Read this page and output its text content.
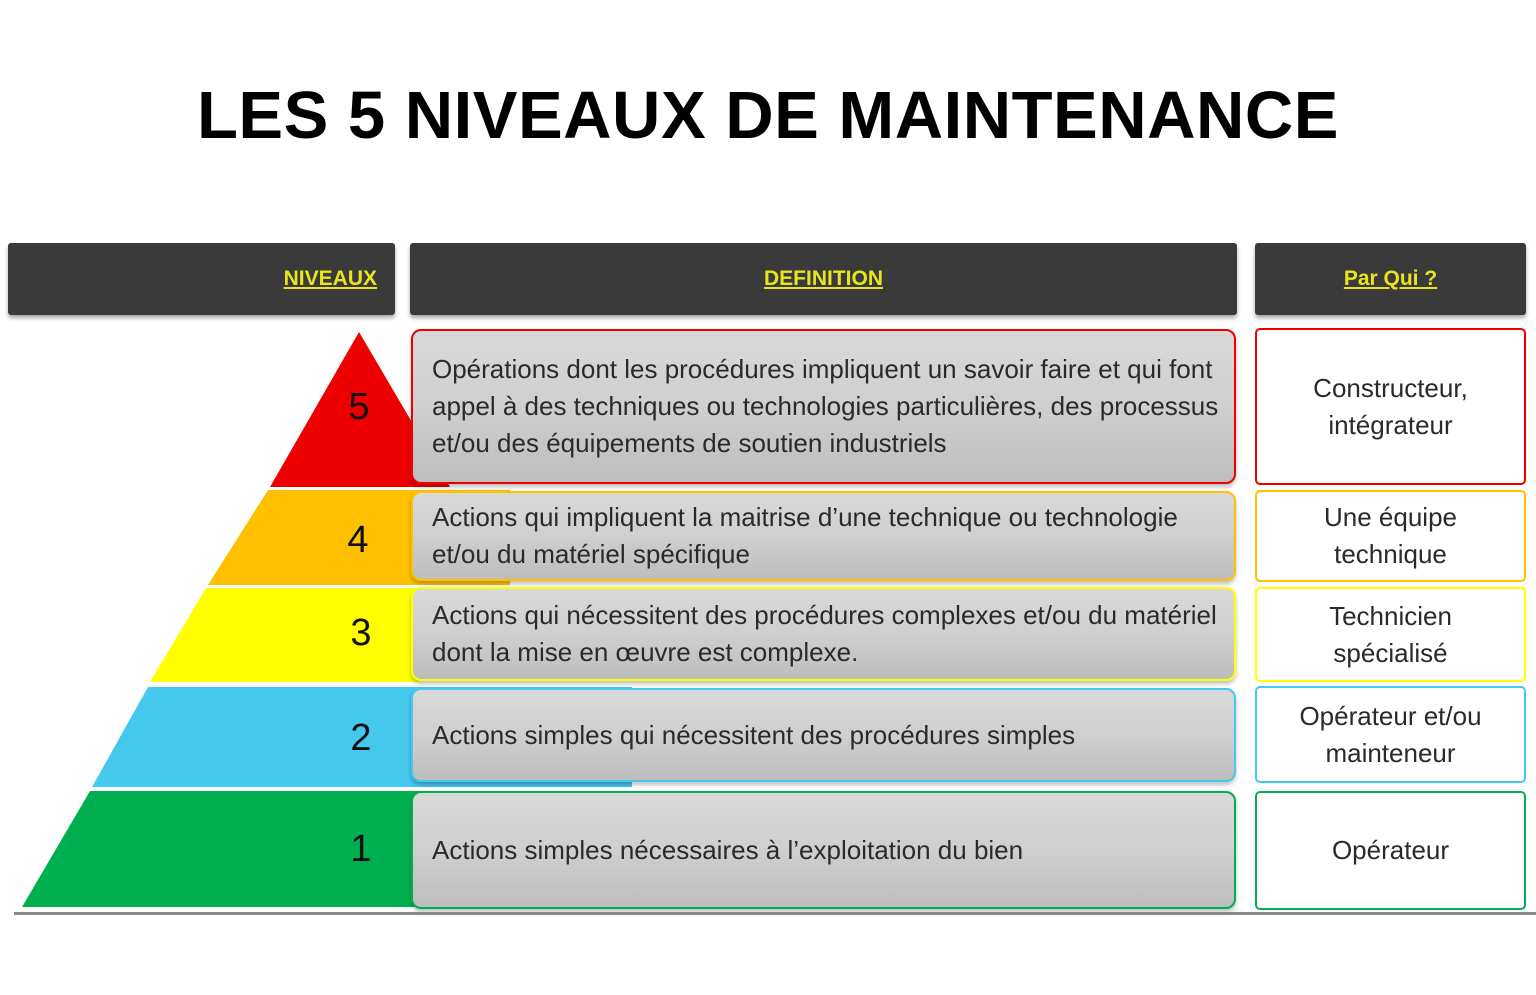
LES 5 NIVEAUX DE MAINTENANCE
NIVEAUX	DEFINITION	Par Qui ?
5
4
3
2
1
Opérations dont les procédures impliquent un savoir faire et qui font appel à des techniques ou technologies particulières, des processus et/ou des équipements de soutien industriels
Actions qui impliquent la maitrise d’une technique ou technologie et/ou du matériel spécifique
Actions qui nécessitent des procédures complexes et/ou du matériel dont la mise en œuvre est complexe.
Actions simples qui nécessitent des procédures simples
Actions simples nécessaires à l’exploitation du bien
Constructeur, intégrateur
Une équipe technique
Technicien spécialisé
Opérateur et/ou mainteneur
Opérateur
